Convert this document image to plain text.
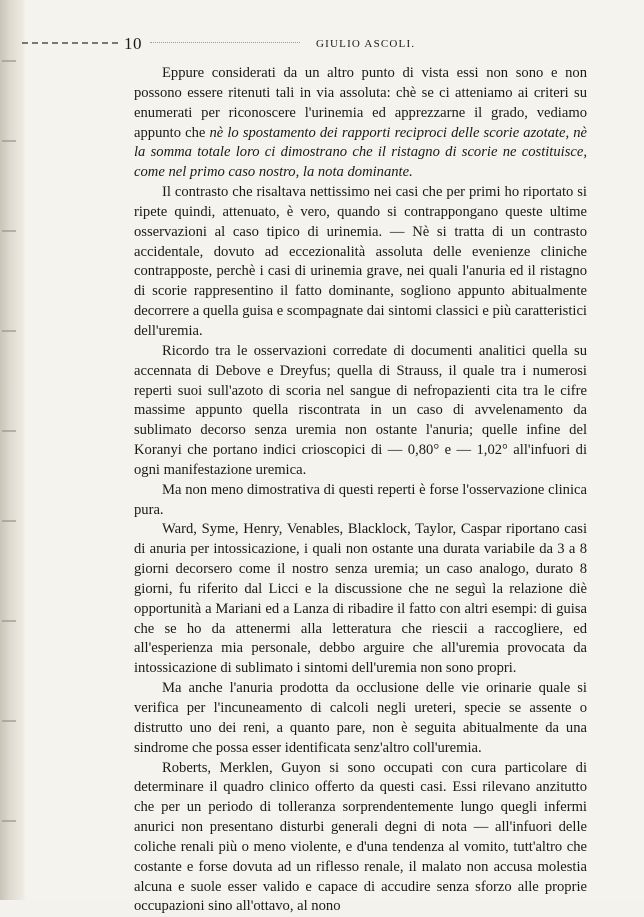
10	GIULIO ASCOLI.

Eppure considerati da un altro punto di vista essi non sono e non possono essere ritenuti tali in via assoluta: chè se ci atteniamo ai criteri su enumerati per riconoscere l'urinemia ed apprezzarne il grado, vediamo appunto che nè lo spostamento dei rapporti reciproci delle scorie azotate, nè la somma totale loro ci dimostrano che il ristagno di scorie ne costituisce, come nel primo caso nostro, la nota dominante.

Il contrasto che risaltava nettissimo nei casi che per primi ho riportato si ripete quindi, attenuato, è vero, quando si contrappongano queste ultime osservazioni al caso tipico di urinemia. — Nè si tratta di un contrasto accidentale, dovuto ad eccezionalità assoluta delle evenienze cliniche contrapposte, perchè i casi di urinemia grave, nei quali l'anuria ed il ristagno di scorie rappresentino il fatto dominante, sogliono appunto abitualmente decorrere a quella guisa e scompagnate dai sintomi classici e più caratteristici dell'uremia.

Ricordo tra le osservazioni corredate di documenti analitici quella su accennata di Debove e Dreyfus; quella di Strauss, il quale tra i numerosi reperti suoi sull'azoto di scoria nel sangue di nefropazienti cita tra le cifre massime appunto quella riscontrata in un caso di avvelenamento da sublimato decorso senza uremia non ostante l'anuria; quelle infine del Koranyi che portano indici crioscopici di — 0,80° e — 1,02° all'infuori di ogni manifestazione uremica.

Ma non meno dimostrativa di questi reperti è forse l'osservazione clinica pura.

Ward, Syme, Henry, Venables, Blacklock, Taylor, Caspar riportano casi di anuria per intossicazione, i quali non ostante una durata variabile da 3 a 8 giorni decorsero come il nostro senza uremia; un caso analogo, durato 8 giorni, fu riferito dal Licci e la discussione che ne seguì la relazione diè opportunità a Mariani ed a Lanza di ribadire il fatto con altri esempi: di guisa che se ho da attenermi alla letteratura che riescii a raccogliere, ed all'esperienza mia personale, debbo arguire che all'uremia provocata da intossicazione di sublimato i sintomi dell'uremia non sono propri.

Ma anche l'anuria prodotta da occlusione delle vie orinarie quale si verifica per l'incuneamento di calcoli negli ureteri, specie se assente o distrutto uno dei reni, a quanto pare, non è seguita abitualmente da una sindrome che possa esser identificata senz'altro coll'uremia.

Roberts, Merklen, Guyon si sono occupati con cura particolare di determinare il quadro clinico offerto da questi casi. Essi rilevano anzitutto che per un periodo di tolleranza sorprendentemente lungo quegli infermi anurici non presentano disturbi generali degni di nota — all'infuori delle coliche renali più o meno violente, e d'una tendenza al vomito, tutt'altro che costante e forse dovuta ad un riflesso renale, il malato non accusa molestia alcuna e suole esser valido e capace di accudire senza sforzo alle proprie occupazioni sino all'ottavo, al nono
